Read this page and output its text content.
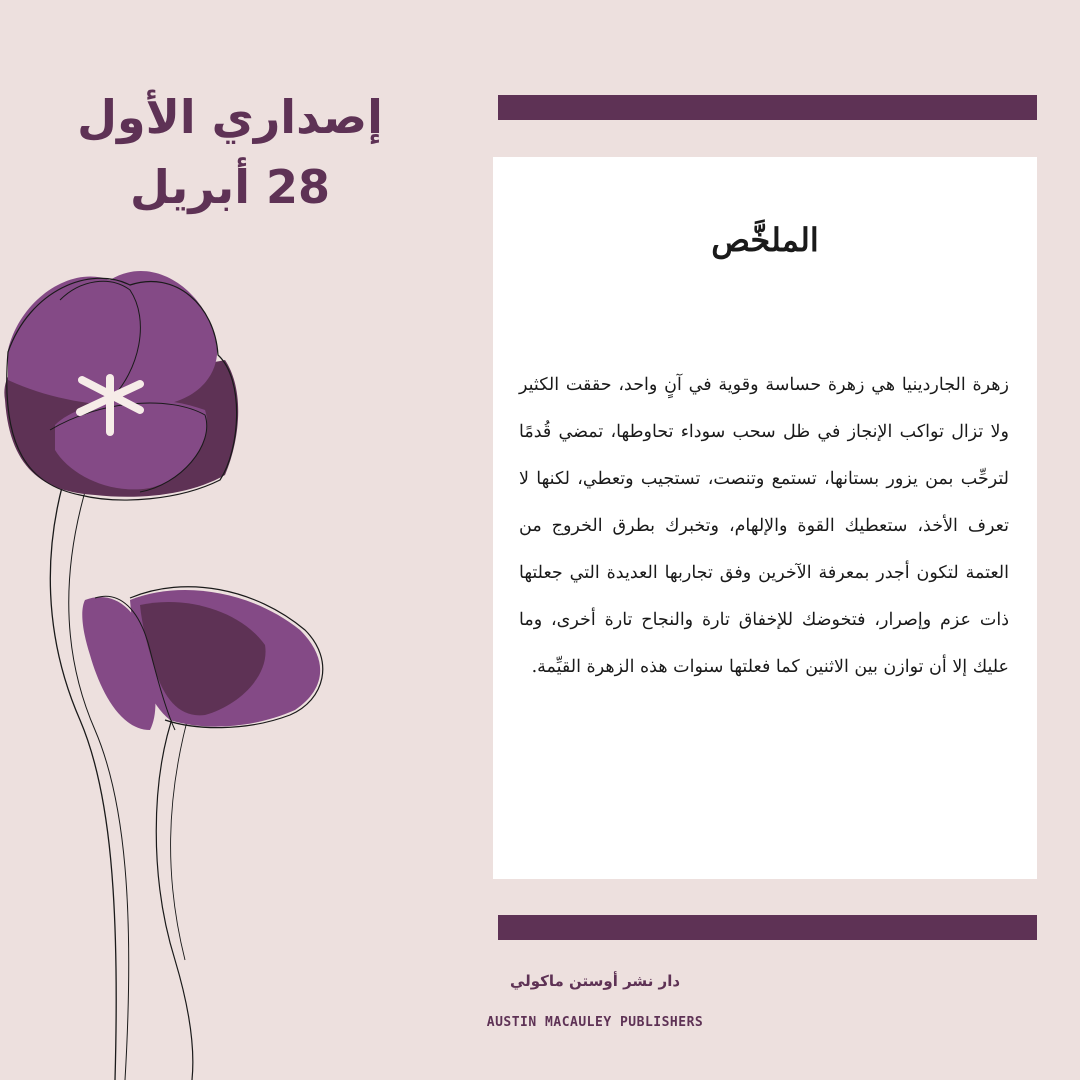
إصداري الأول
28 أبريل
الملخَّص
زهرة الجاردينيا هي زهرة حساسة وقوية في آنٍ واحد، حققت الكثير ولا تزال تواكب الإنجاز في ظل سحب سوداء تحاوطها، تمضي قُدمًا لترحِّب بمن يزور بستانها، تستمع وتنصت، تستجيب وتعطي، لكنها لا تعرف الأخذ، ستعطيك القوة والإلهام، وتخبرك بطرق الخروج من العتمة لتكون أجدر بمعرفة الآخرين وفق تجاربها العديدة التي جعلتها ذات عزم وإصرار، فتخوضك للإخفاق تارة والنجاح تارة أخرى، وما عليك إلا أن توازن بين الاثنين كما فعلتها سنوات هذه الزهرة القيِّمة.
دار نشر أوستن ماكولي
AUSTIN MACAULEY PUBLISHERS
